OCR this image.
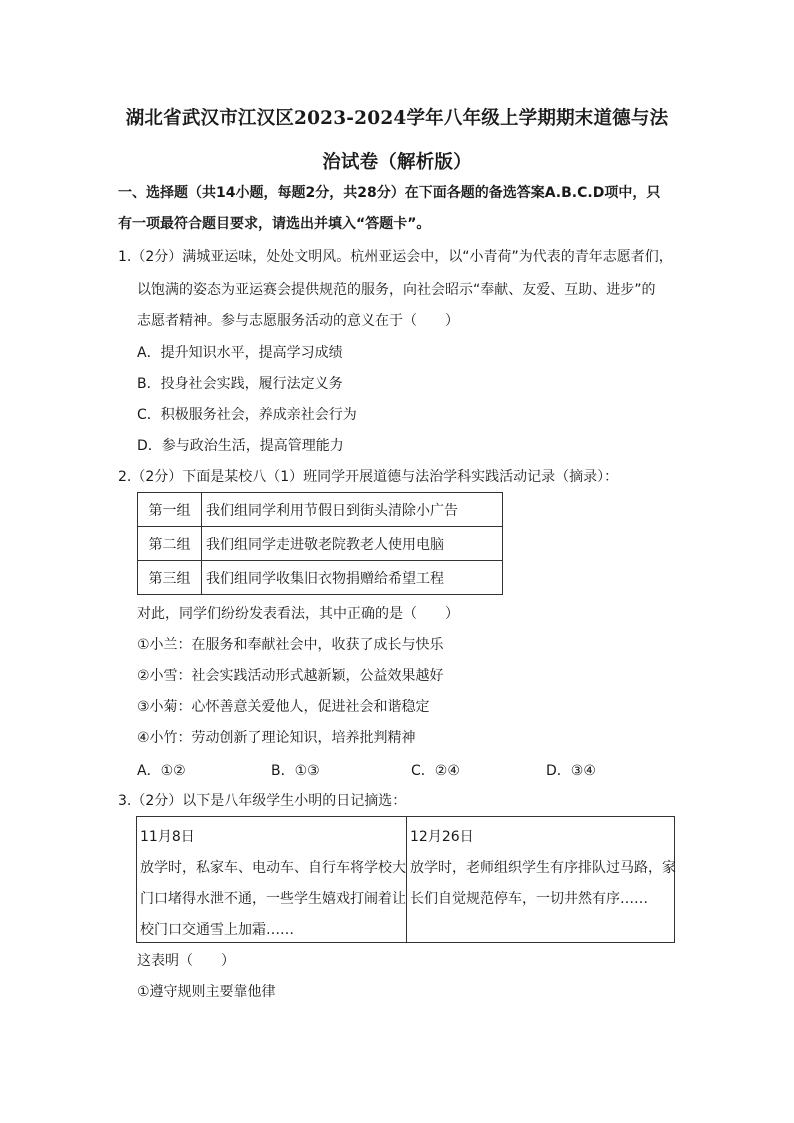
湖北省武汉市江汉区2023-2024学年八年级上学期期末道德与法
治试卷（解析版）
一、选择题（共14小题，每题2分，共28分）在下面各题的备选答案A.B.C.D项中，只
有一项最符合题目要求，请选出并填入“答题卡”。
1.（2分）满城亚运味，处处文明风。杭州亚运会中，以“小青荷”为代表的青年志愿者们，
以饱满的姿态为亚运赛会提供规范的服务，向社会昭示“奉献、友爱、互助、进步”的
志愿者精神。参与志愿服务活动的意义在于（　　）
A．提升知识水平，提高学习成绩
B．投身社会实践，履行法定义务
C．积极服务社会，养成亲社会行为
D．参与政治生活，提高管理能力
2.（2分）下面是某校八（1）班同学开展道德与法治学科实践活动记录（摘录）：
第一组	我们组同学利用节假日到街头清除小广告
第二组	我们组同学走进敬老院教老人使用电脑
第三组	我们组同学收集旧衣物捐赠给希望工程
对此，同学们纷纷发表看法，其中正确的是（　　）
①小兰：在服务和奉献社会中，收获了成长与快乐
②小雪：社会实践活动形式越新颖，公益效果越好
③小菊：心怀善意关爱他人，促进社会和谐稳定
④小竹：劳动创新了理论知识，培养批判精神
A．①②	B．①③	C．②④	D．③④
3.（2分）以下是八年级学生小明的日记摘选：
11月8日
放学时，私家车、电动车、自行车将学校大
门口堵得水泄不通，一些学生嬉戏打闹着让
校门口交通雪上加霜……
12月26日
放学时，老师组织学生有序排队过马路，家
长们自觉规范停车，一切井然有序……
这表明（　　）
①遵守规则主要靠他律
